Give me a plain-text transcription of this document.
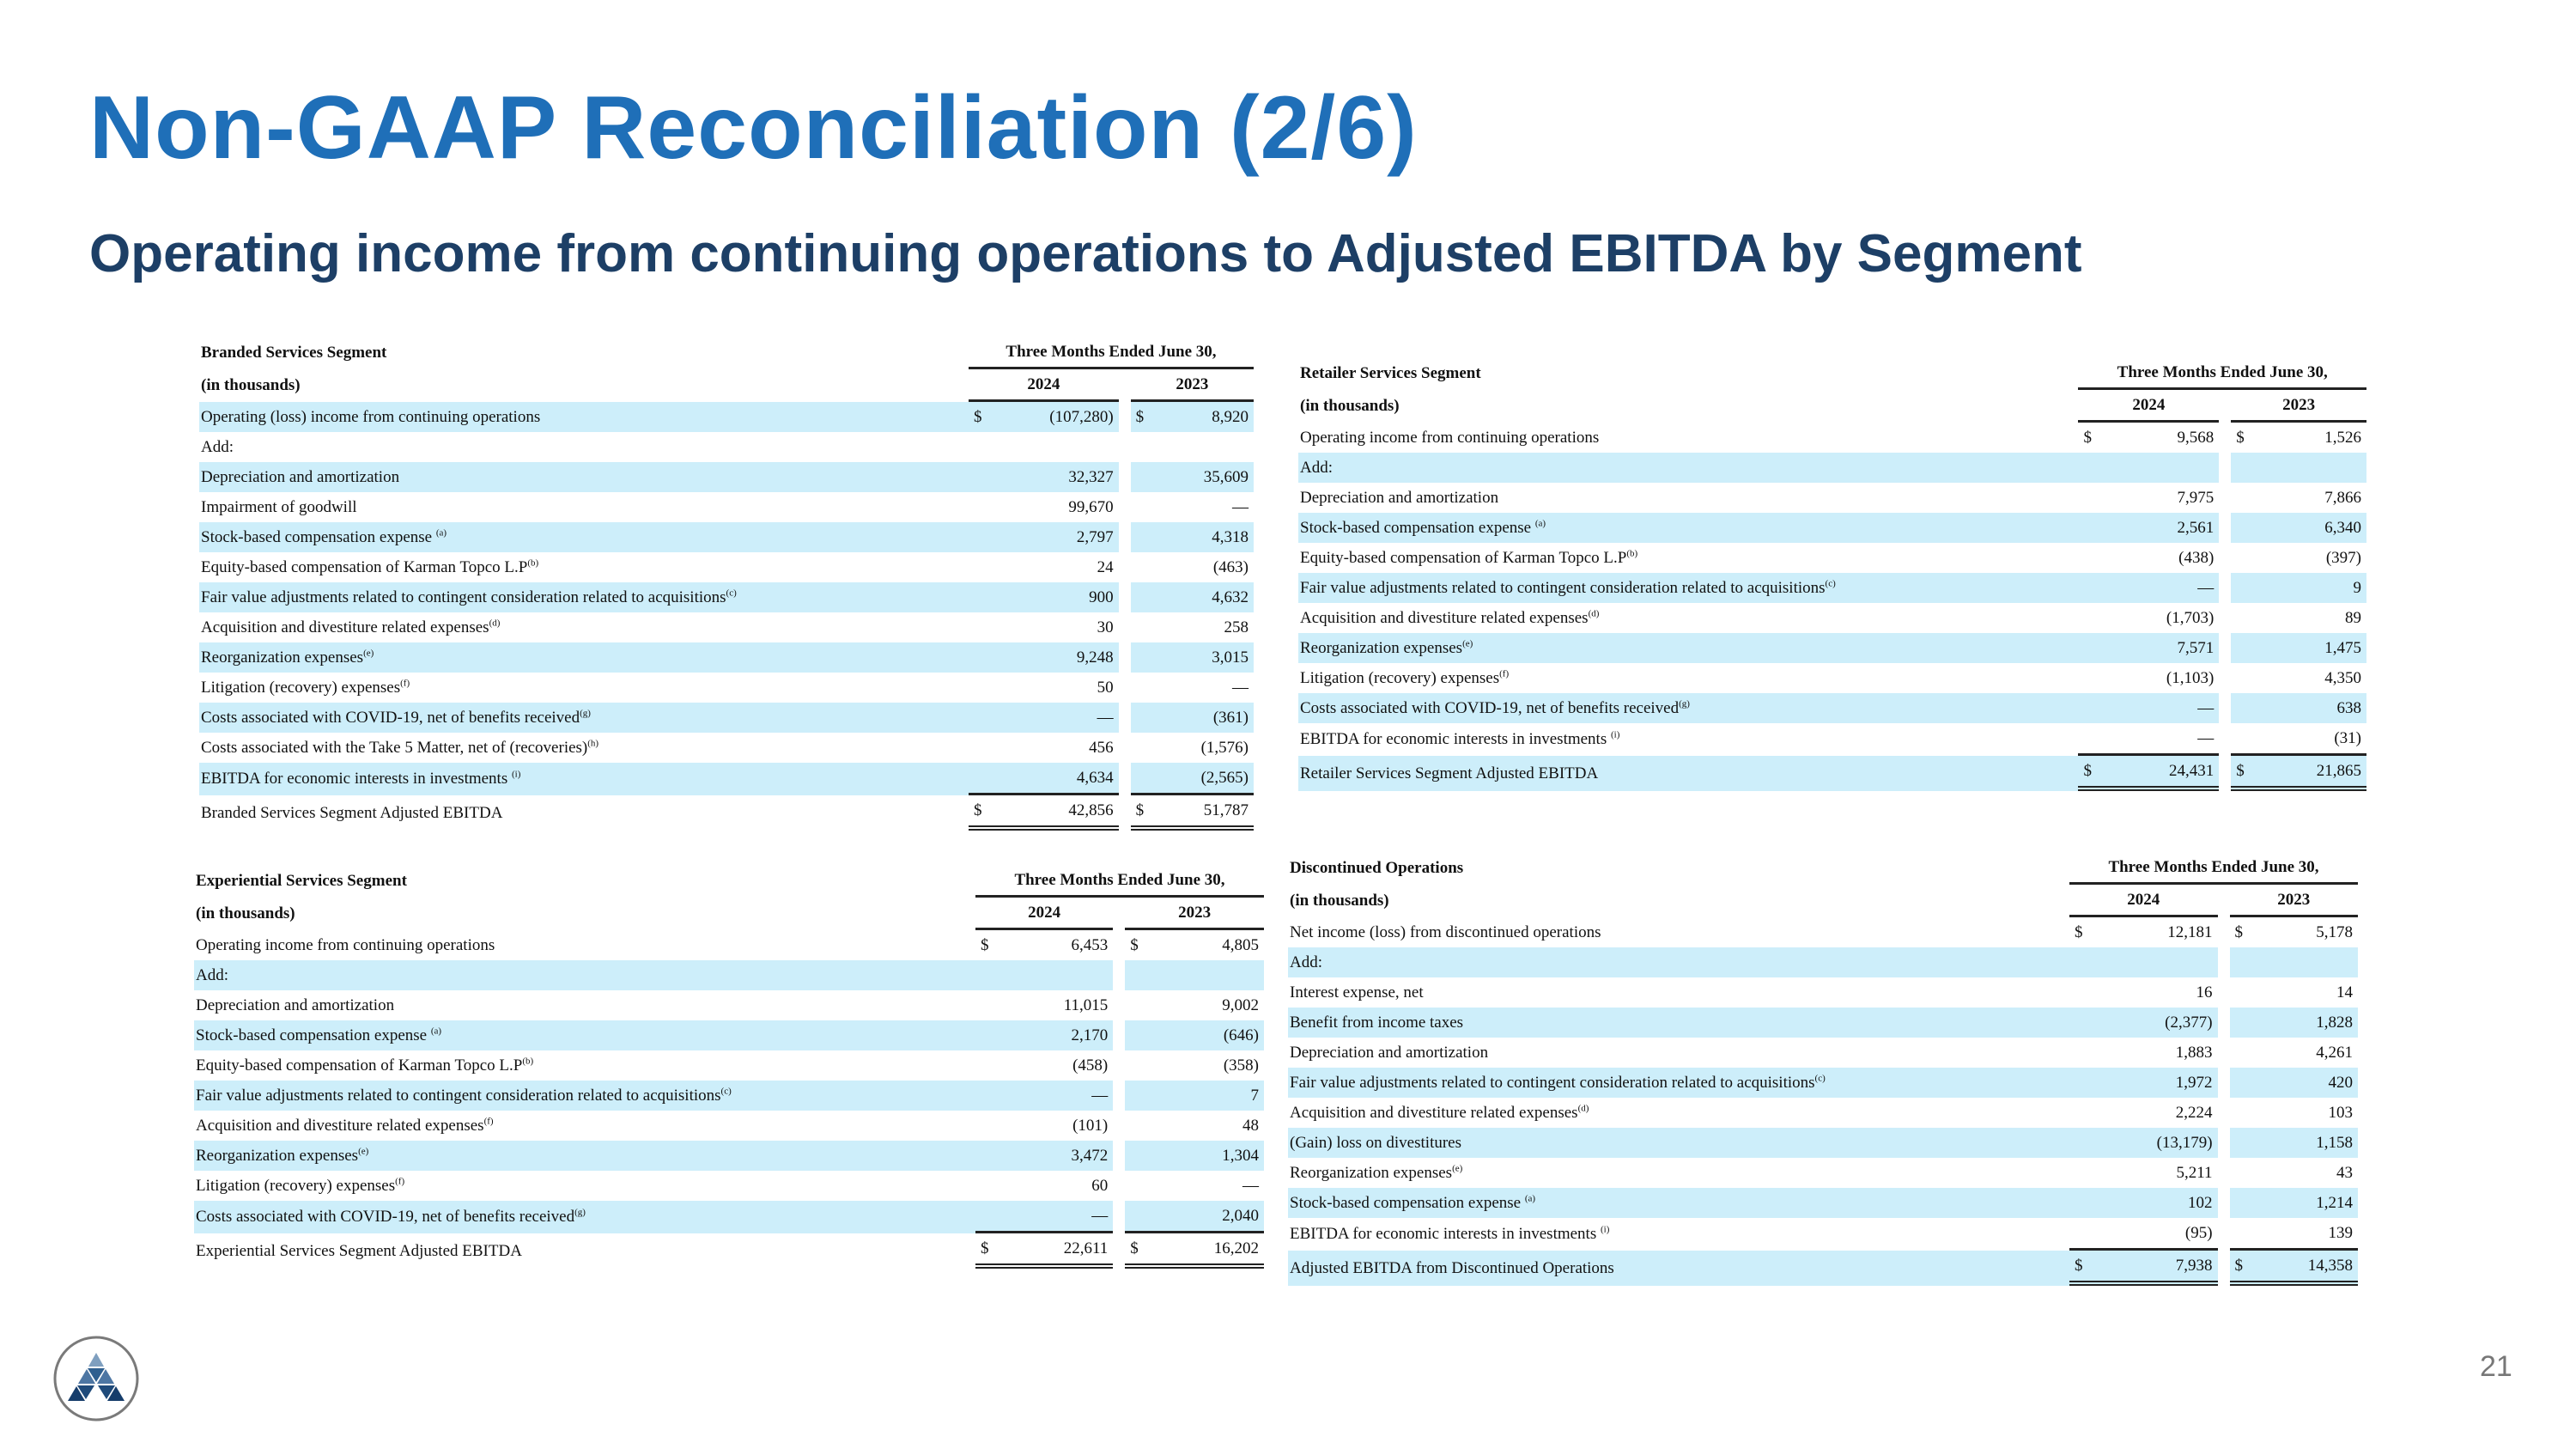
Non-GAAP Reconciliation (2/6)
Operating income from continuing operations to Adjusted EBITDA by Segment
Branded Services Segment	Three Months Ended June 30,				
(in thousands)	2024			2023	
Operating (loss) income from continuing operations	$	(107,280)		$	8,920
Add:					
Depreciation and amortization		32,327			35,609
Impairment of goodwill		99,670			—
Stock-based compensation expense $^{(a)}$		2,797			4,318
Equity-based compensation of Karman Topco $L.P^{(b)}$		24			(463)
Fair value adjustments related to contingent consideration related to acquisitions$^{(c)}$		900			4,632
Acquisition and divestiture related expenses$^{(d)}$		30			258
Reorganization expenses$^{(e)}$		9,248			3,015
Litigation (recovery) expenses$^{(f)}$		50			—
Costs associated with COVID-19, net of benefits received$^{(g)}$		—			(361)
Costs associated with the Take 5 Matter, net of (recoveries)$^{(h)}$		456			(1,576)
EBITDA for economic interests in investments $^{(i)}$		4,634			(2,565)
Branded Services Segment Adjusted EBITDA	$	42,856		$	51,787
Retailer Services Segment	Three Months Ended June 30,				
(in thousands)	2024			2023	
Operating income from continuing operations	$	9,568		$	1,526
Add:					
Depreciation and amortization		7,975			7,866
Stock-based compensation expense $^{(a)}$		2,561			6,340
Equity-based compensation of Karman Topco $L.P^{(b)}$		(438)			(397)
Fair value adjustments related to contingent consideration related to acquisitions$^{(c)}$		—			9
Acquisition and divestiture related expenses$^{(d)}$		(1,703)			89
Reorganization expenses$^{(e)}$		7,571			1,475
Litigation (recovery) expenses$^{(f)}$		(1,103)			4,350
Costs associated with COVID-19, net of benefits received$^{(g)}$		—			638
EBITDA for economic interests in investments $^{(i)}$		—			(31)
Retailer Services Segment Adjusted EBITDA	$	24,431		$	21,865
Experiential Services Segment	Three Months Ended June 30,				
(in thousands)	2024			2023	
Operating income from continuing operations	$	6,453		$	4,805
Add:					
Depreciation and amortization		11,015			9,002
Stock-based compensation expense $^{(a)}$		2,170			(646)
Equity-based compensation of Karman Topco $L.P^{(b)}$		(458)			(358)
Fair value adjustments related to contingent consideration related to acquisitions$^{(c)}$		—			7
Acquisition and divestiture related expenses$^{(f)}$		(101)			48
Reorganization expenses$^{(e)}$		3,472			1,304
Litigation (recovery) expenses$^{(f)}$		60			—
Costs associated with COVID-19, net of benefits received$^{(g)}$		—			2,040
Experiential Services Segment Adjusted EBITDA	$	22,611		$	16,202
Discontinued Operations	Three Months Ended June 30,				
(in thousands)	2024			2023	
Net income (loss) from discontinued operations	$	12,181		$	5,178
Add:					
Interest expense, net		16			14
Benefit from income taxes		(2,377)			1,828
Depreciation and amortization		1,883			4,261
Fair value adjustments related to contingent consideration related to acquisitions$^{(c)}$		1,972			420
Acquisition and divestiture related expenses$^{(d)}$		2,224			103
(Gain) loss on divestitures		(13,179)			1,158
Reorganization expenses$^{(e)}$		5,211			43
Stock-based compensation expense $^{(a)}$		102			1,214
EBITDA for economic interests in investments $^{(i)}$		(95)			139
Adjusted EBITDA from Discontinued Operations	$	7,938		$	14,358
21
